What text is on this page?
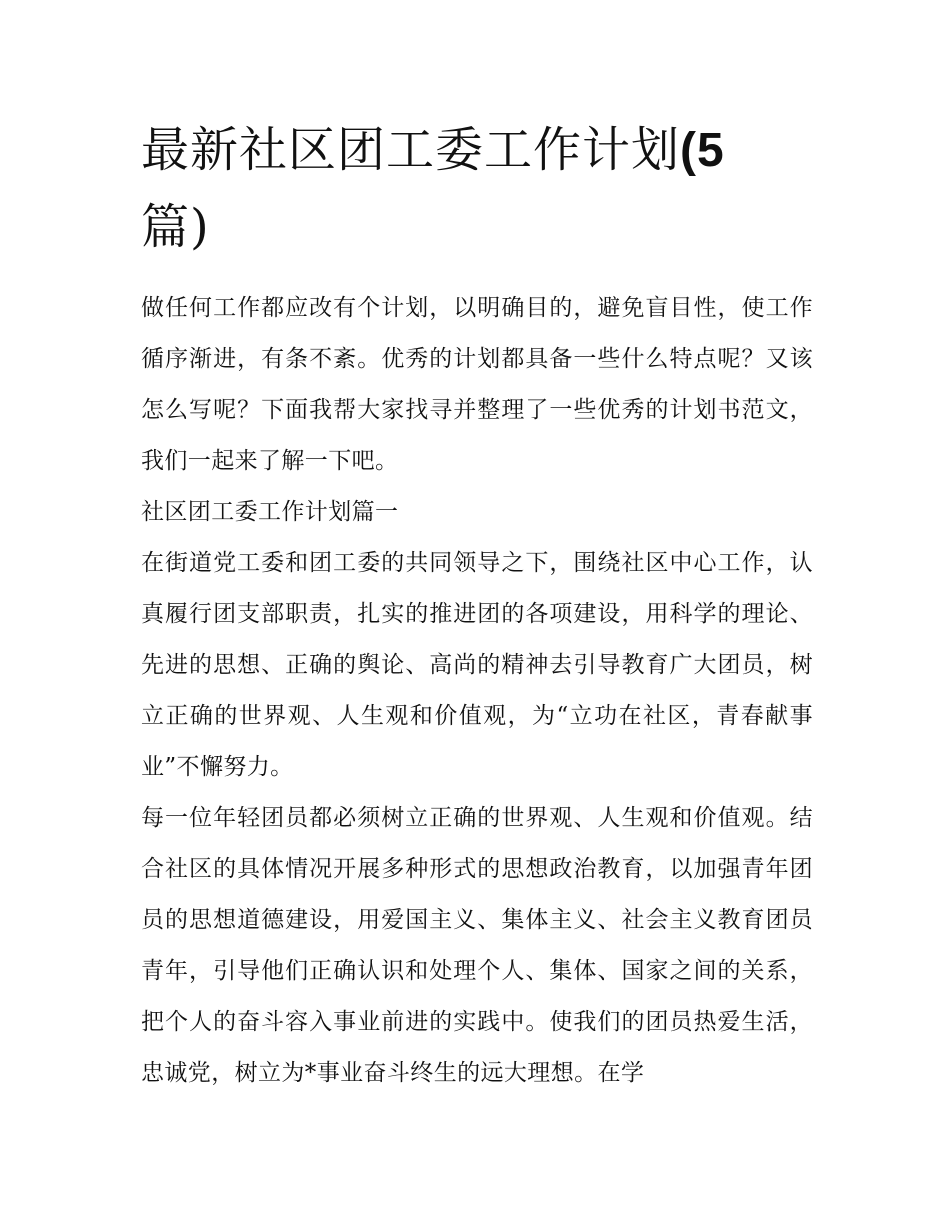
最新社区团工委工作计划(5篇)

做任何工作都应改有个计划，以明确目的，避免盲目性，使工作循序渐进，有条不紊。优秀的计划都具备一些什么特点呢？又该怎么写呢？下面我帮大家找寻并整理了一些优秀的计划书范文，我们一起来了解一下吧。

社区团工委工作计划篇一

在街道党工委和团工委的共同领导之下，围绕社区中心工作，认真履行团支部职责，扎实的推进团的各项建设，用科学的理论、先进的思想、正确的舆论、高尚的精神去引导教育广大团员，树立正确的世界观、人生观和价值观，为“立功在社区，青春献事业”不懈努力。

每一位年轻团员都必须树立正确的世界观、人生观和价值观。结合社区的具体情况开展多种形式的思想政治教育，以加强青年团员的思想道德建设，用爱国主义、集体主义、社会主义教育团员青年，引导他们正确认识和处理个人、集体、国家之间的关系，把个人的奋斗容入事业前进的实践中。使我们的团员热爱生活，忠诚党，树立为*事业奋斗终生的远大理想。在学
